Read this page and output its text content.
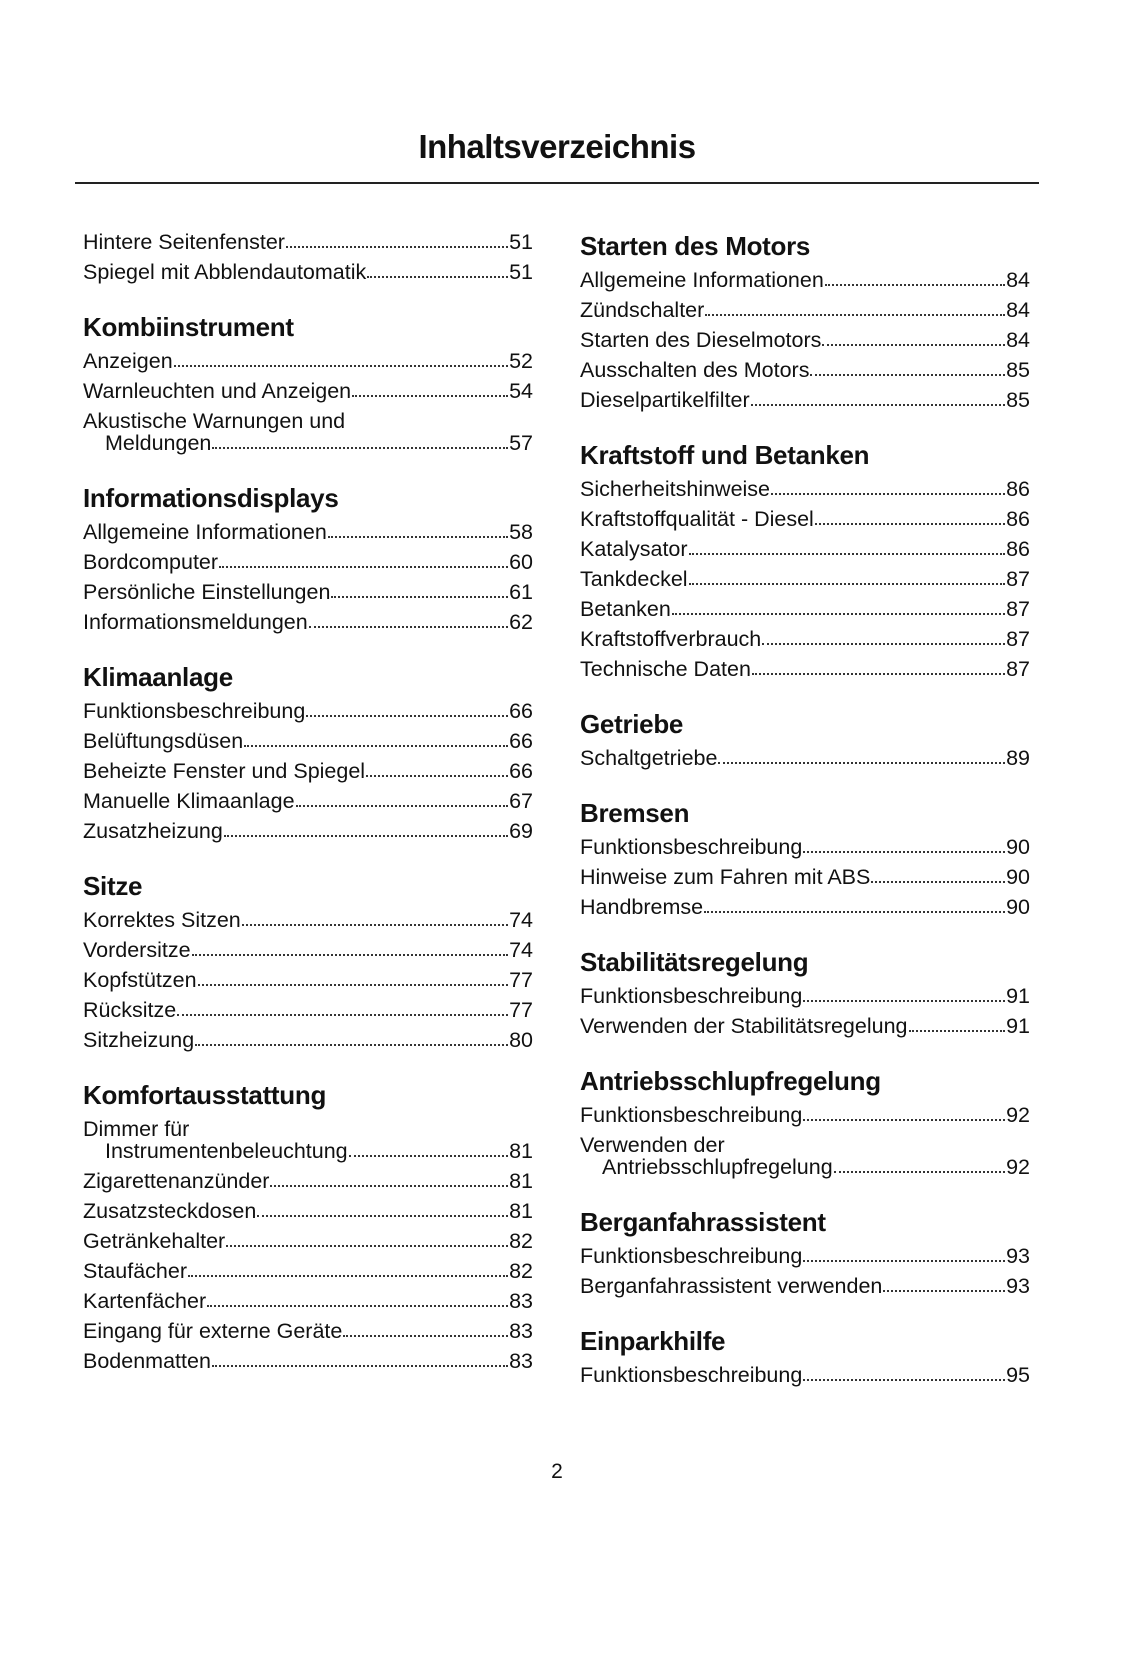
Inhaltsverzeichnis
Hintere Seitenfenster	51
Spiegel mit Abblendautomatik	51
Kombiinstrument
Anzeigen	52
Warnleuchten und Anzeigen	54
Akustische Warnungen und
Meldungen	57
Informationsdisplays
Allgemeine Informationen	58
Bordcomputer	60
Persönliche Einstellungen	61
Informationsmeldungen	62
Klimaanlage
Funktionsbeschreibung	66
Belüftungsdüsen	66
Beheizte Fenster und Spiegel	66
Manuelle Klimaanlage	67
Zusatzheizung	69
Sitze
Korrektes Sitzen	74
Vordersitze	74
Kopfstützen	77
Rücksitze	77
Sitzheizung	80
Komfortausstattung
Dimmer für
Instrumentenbeleuchtung	81
Zigarettenanzünder	81
Zusatzsteckdosen	81
Getränkehalter	82
Staufächer	82
Kartenfächer	83
Eingang für externe Geräte	83
Bodenmatten	83
Starten des Motors
Allgemeine Informationen	84
Zündschalter	84
Starten des Dieselmotors	84
Ausschalten des Motors	85
Dieselpartikelfilter	85
Kraftstoff und Betanken
Sicherheitshinweise	86
Kraftstoffqualität - Diesel	86
Katalysator	86
Tankdeckel	87
Betanken	87
Kraftstoffverbrauch	87
Technische Daten	87
Getriebe
Schaltgetriebe	89
Bremsen
Funktionsbeschreibung	90
Hinweise zum Fahren mit ABS	90
Handbremse	90
Stabilitätsregelung
Funktionsbeschreibung	91
Verwenden der Stabilitätsregelung	91
Antriebsschlupfregelung
Funktionsbeschreibung	92
Verwenden der
Antriebsschlupfregelung	92
Berganfahrassistent
Funktionsbeschreibung	93
Berganfahrassistent verwenden	93
Einparkhilfe
Funktionsbeschreibung	95
2
